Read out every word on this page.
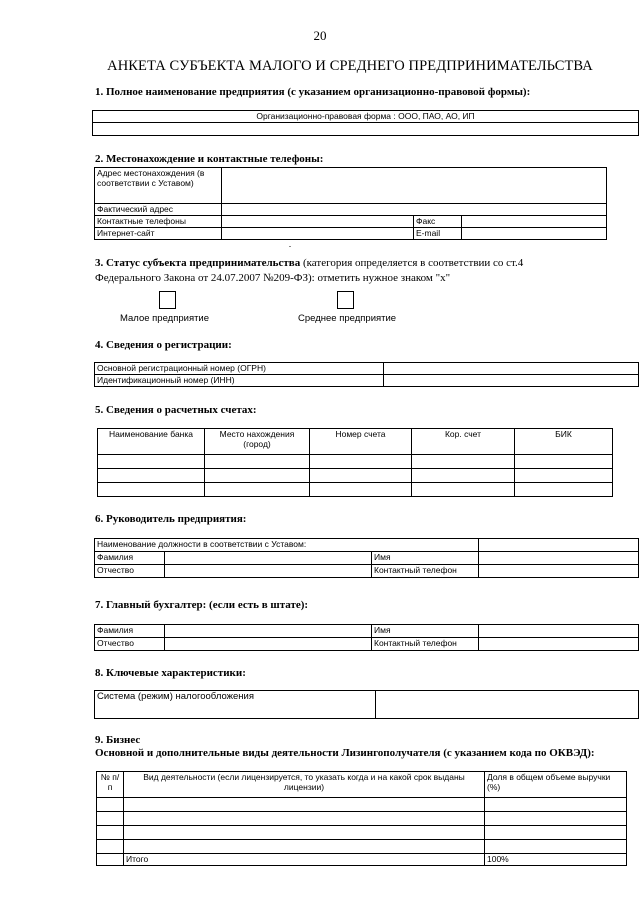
20
АНКЕТА СУБЪЕКТА МАЛОГО И СРЕДНЕГО ПРЕДПРИНИМАТЕЛЬСТВА
1. Полное наименование предприятия (с указанием организационно-правовой формы):
Организационно-правовая форма : ООО, ПАО, АО, ИП

2. Местонахождение и контактные телефоны:
Адрес местонахождения (в соответствии с Уставом)			
Фактический адрес			
Контактные телефоны		Факс	
Интернет-сайт		E-mail	
3. Статус субъекта предпринимательства (категория определяется в соответствии со ст.4
Федерального Закона от 24.07.2007 №209-ФЗ): отметить нужное знаком "х"
Малое предприятие	Среднее предприятие
4. Сведения о регистрации:
Основной регистрационный номер (ОГРН)	
Идентификационный номер (ИНН)	
5. Сведения о расчетных счетах:
Наименование банка	Место нахождения (город)	Номер счета	Кор. счет	БИК

6. Руководитель предприятия:
Наименование должности в соответствии с Уставом:			
Фамилия		Имя	
Отчество		Контактный телефон	
7. Главный бухгалтер: (если есть в штате):
Фамилия		Имя	
Отчество		Контактный телефон	
8. Ключевые характеристики:
Система (режим) налогообложения	
9. Бизнес
Основной и дополнительные виды деятельности Лизингополучателя (с указанием кода по ОКВЭД):
№ п/п	Вид деятельности (если лицензируется, то указать когда и на какой срок выданы лицензии)	Доля в общем объеме выручки (%)

	Итого	100%
